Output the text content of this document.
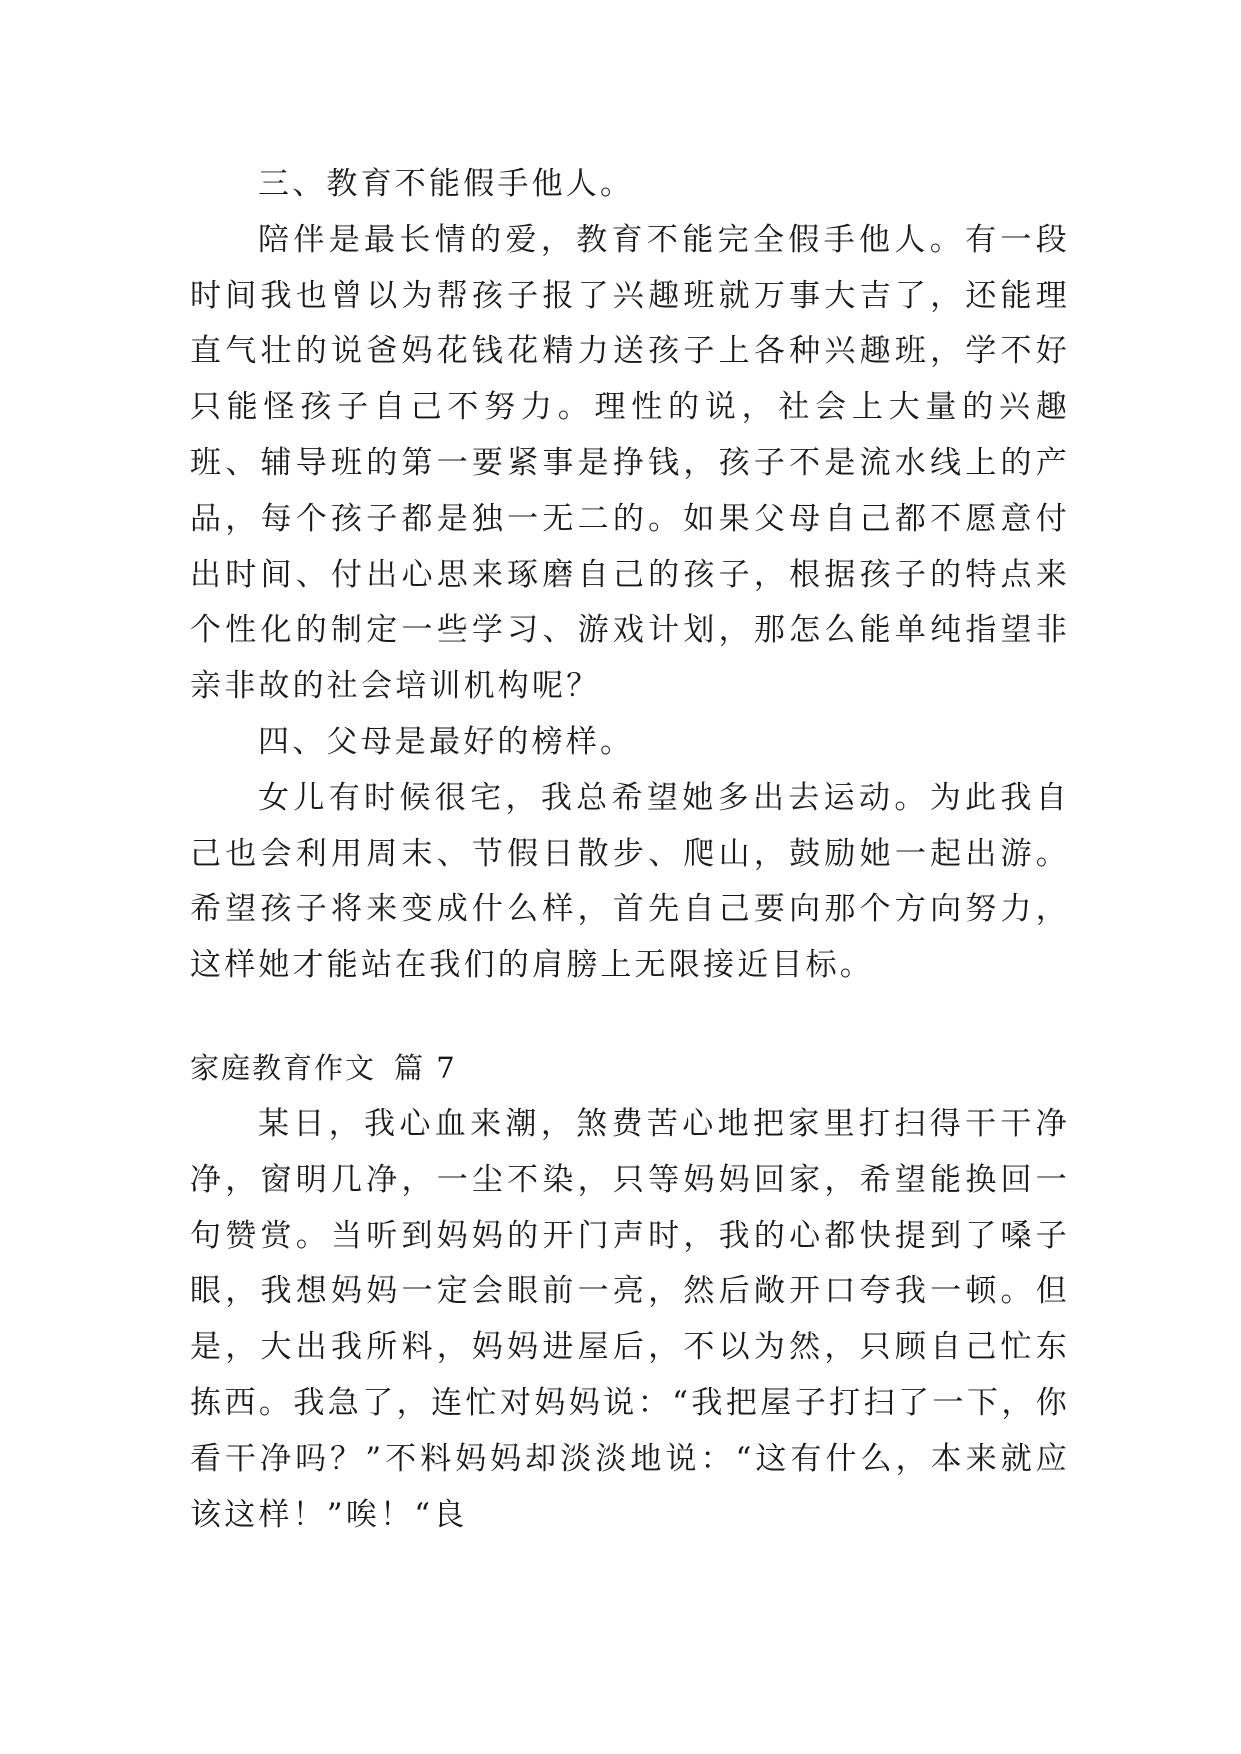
三、教育不能假手他人。

陪伴是最长情的爱，教育不能完全假手他人。有一段时间我也曾以为帮孩子报了兴趣班就万事大吉了，还能理直气壮的说爸妈花钱花精力送孩子上各种兴趣班，学不好只能怪孩子自己不努力。理性的说，社会上大量的兴趣班、辅导班的第一要紧事是挣钱，孩子不是流水线上的产品，每个孩子都是独一无二的。如果父母自己都不愿意付出时间、付出心思来琢磨自己的孩子，根据孩子的特点来个性化的制定一些学习、游戏计划，那怎么能单纯指望非亲非故的社会培训机构呢？

四、父母是最好的榜样。

女儿有时候很宅，我总希望她多出去运动。为此我自己也会利用周末、节假日散步、爬山，鼓励她一起出游。希望孩子将来变成什么样，首先自己要向那个方向努力，这样她才能站在我们的肩膀上无限接近目标。

家庭教育作文 篇 7

某日，我心血来潮，煞费苦心地把家里打扫得干干净净，窗明几净，一尘不染，只等妈妈回家，希望能换回一句赞赏。当听到妈妈的开门声时，我的心都快提到了嗓子眼，我想妈妈一定会眼前一亮，然后敞开口夸我一顿。但是，大出我所料，妈妈进屋后，不以为然，只顾自己忙东拣西。我急了，连忙对妈妈说：“我把屋子打扫了一下，你看干净吗？”不料妈妈却淡淡地说：“这有什么，本来就应该这样！”唉！“良
